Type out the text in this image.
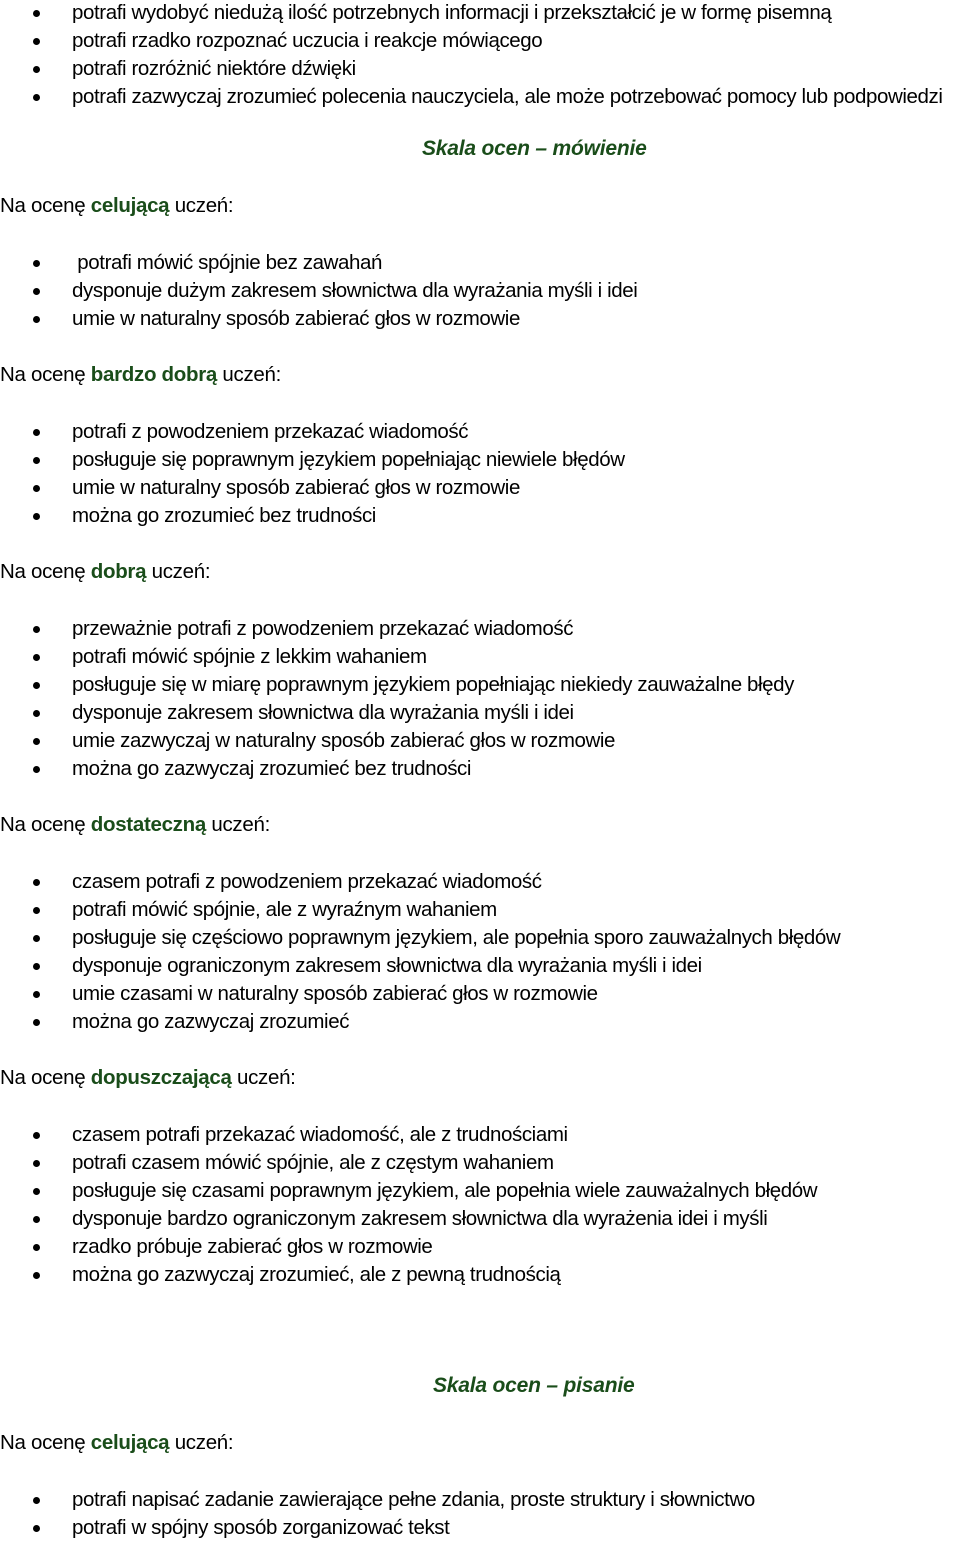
potrafi wydobyć niedużą ilość potrzebnych informacji i przekształcić je w formę pisemną
potrafi rzadko rozpoznać uczucia i reakcje mówiącego
potrafi rozróżnić niektóre dźwięki
potrafi zazwyczaj zrozumieć polecenia nauczyciela, ale może potrzebować pomocy lub podpowiedzi
Skala ocen – mówienie
Na ocenę celującą uczeń:
potrafi mówić spójnie bez zawahań
dysponuje dużym zakresem słownictwa dla wyrażania myśli i idei
umie w naturalny sposób zabierać głos w rozmowie
Na ocenę bardzo dobrą uczeń:
potrafi z powodzeniem przekazać wiadomość
posługuje się poprawnym językiem popełniając niewiele błędów
umie w naturalny sposób zabierać głos w rozmowie
można go zrozumieć bez trudności
Na ocenę dobrą uczeń:
przeważnie potrafi z powodzeniem przekazać wiadomość
potrafi mówić spójnie z lekkim wahaniem
posługuje się w miarę poprawnym językiem popełniając niekiedy zauważalne błędy
dysponuje zakresem słownictwa dla wyrażania myśli i idei
umie zazwyczaj w naturalny sposób zabierać głos w rozmowie
można go zazwyczaj zrozumieć bez trudności
Na ocenę dostateczną uczeń:
czasem potrafi z powodzeniem przekazać wiadomość
potrafi mówić spójnie, ale z wyraźnym wahaniem
posługuje się częściowo poprawnym językiem, ale popełnia sporo zauważalnych błędów
dysponuje ograniczonym zakresem słownictwa dla wyrażania myśli i idei
umie czasami w naturalny sposób zabierać głos w rozmowie
można go zazwyczaj zrozumieć
Na ocenę dopuszczającą uczeń:
czasem potrafi przekazać wiadomość, ale z trudnościami
potrafi czasem mówić spójnie, ale z częstym wahaniem
posługuje się czasami poprawnym językiem, ale popełnia wiele zauważalnych błędów
dysponuje bardzo ograniczonym zakresem słownictwa dla wyrażenia idei i myśli
rzadko próbuje zabierać głos w rozmowie
można go zazwyczaj zrozumieć, ale z pewną trudnością
Skala ocen – pisanie
Na ocenę celującą uczeń:
potrafi napisać zadanie zawierające pełne zdania, proste struktury i słownictwo
potrafi w spójny sposób zorganizować tekst
